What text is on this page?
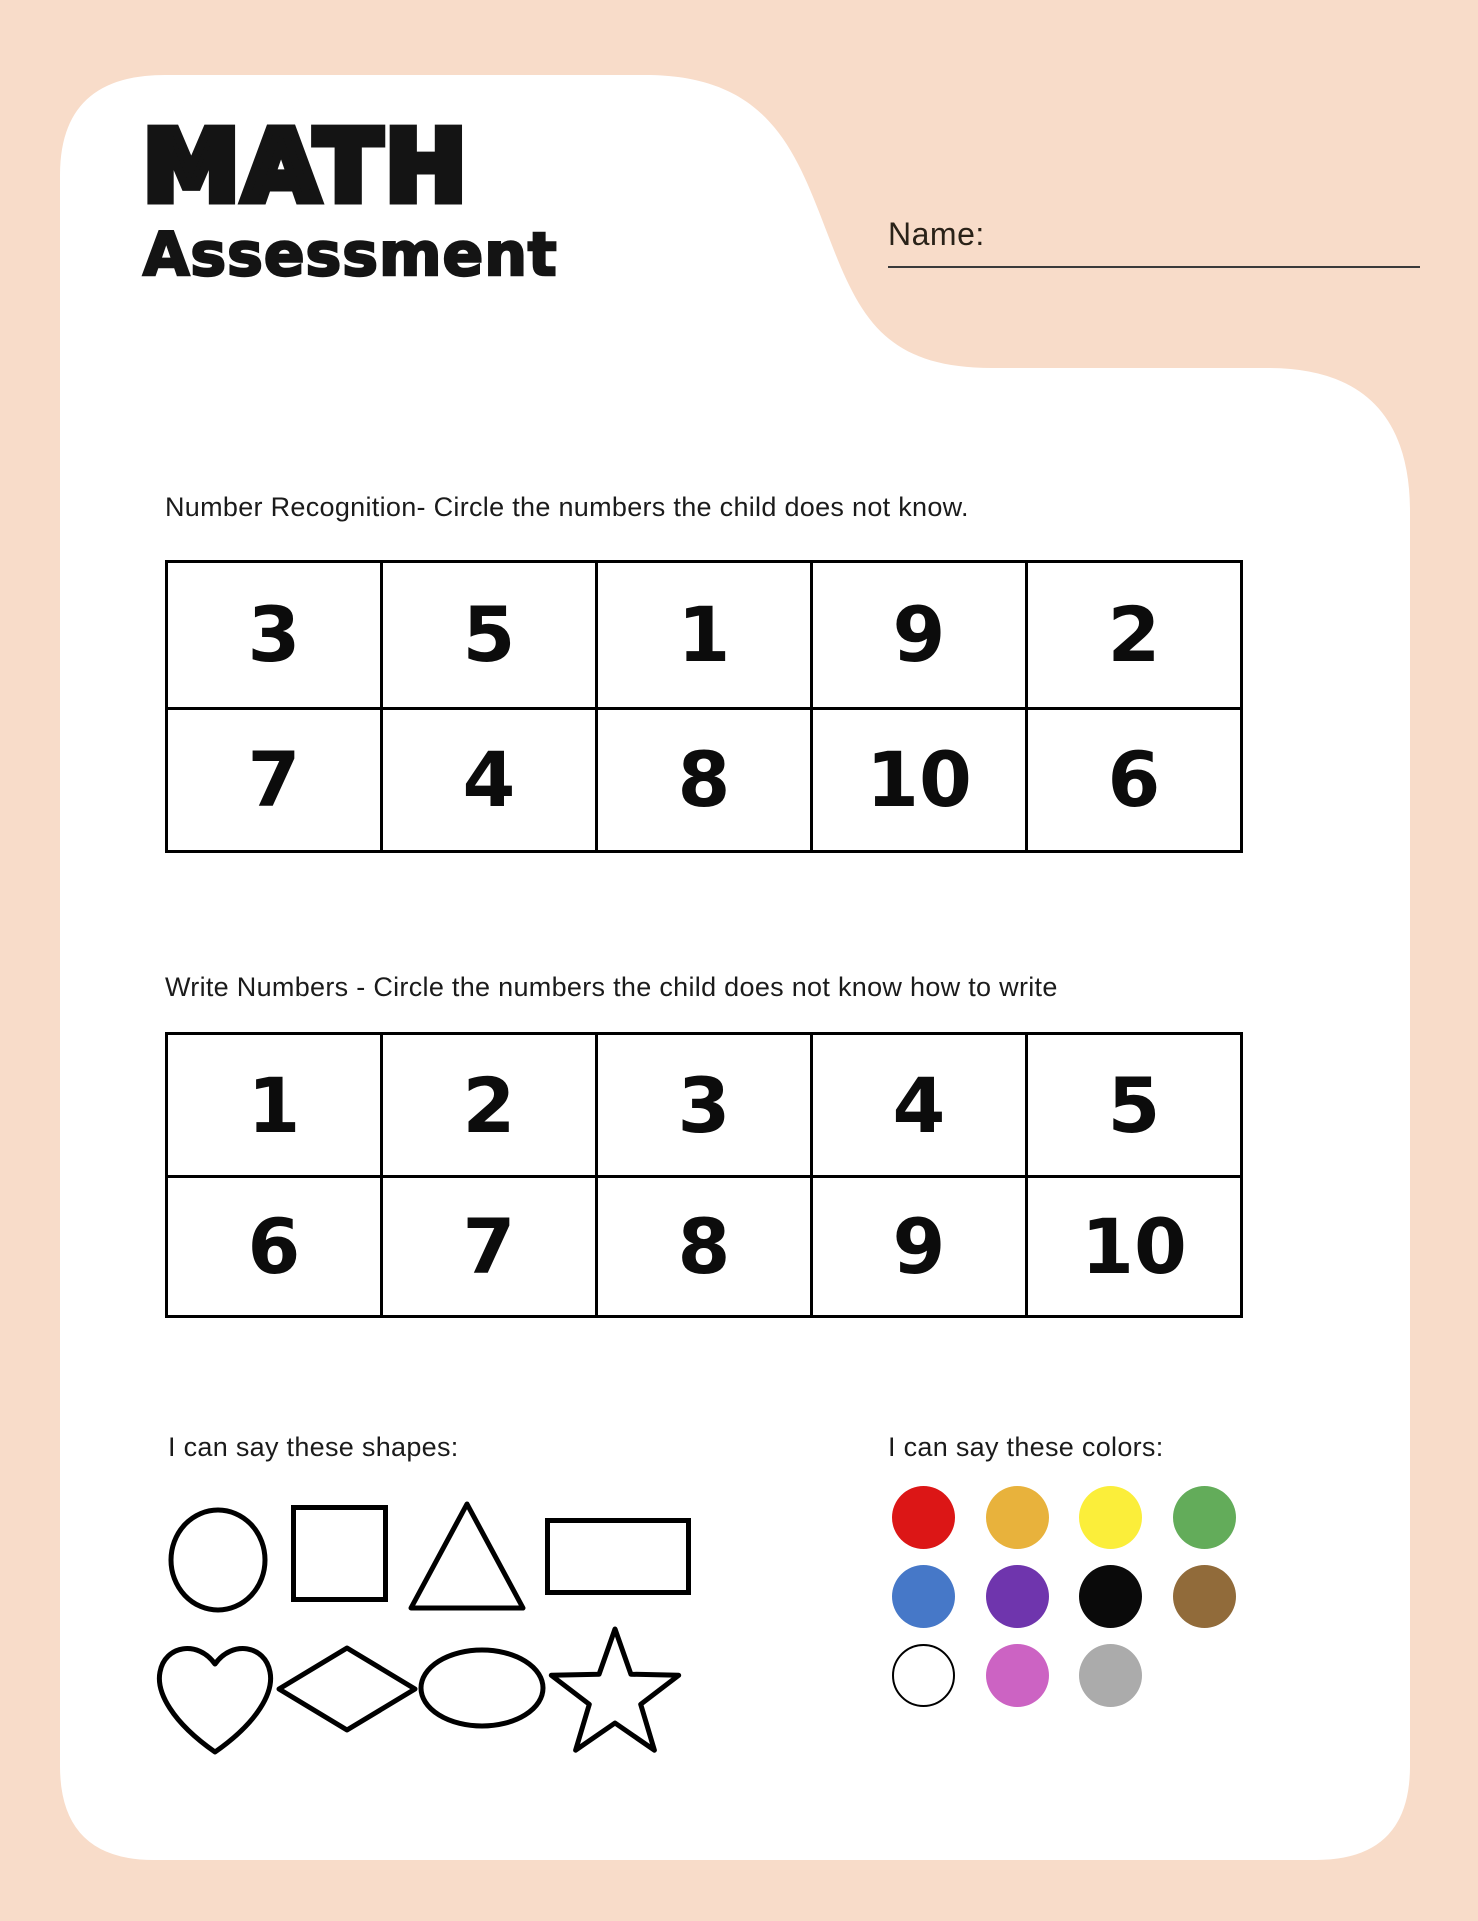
MATH
Assessment	Name:
Number Recognition- Circle the numbers the child does not know.
3	5	1	9	2
7	4	8	10	6
Write Numbers - Circle the numbers the child does not know how to write
1	2	3	4	5
6	7	8	9	10
I can say these shapes:	I can say these colors:
